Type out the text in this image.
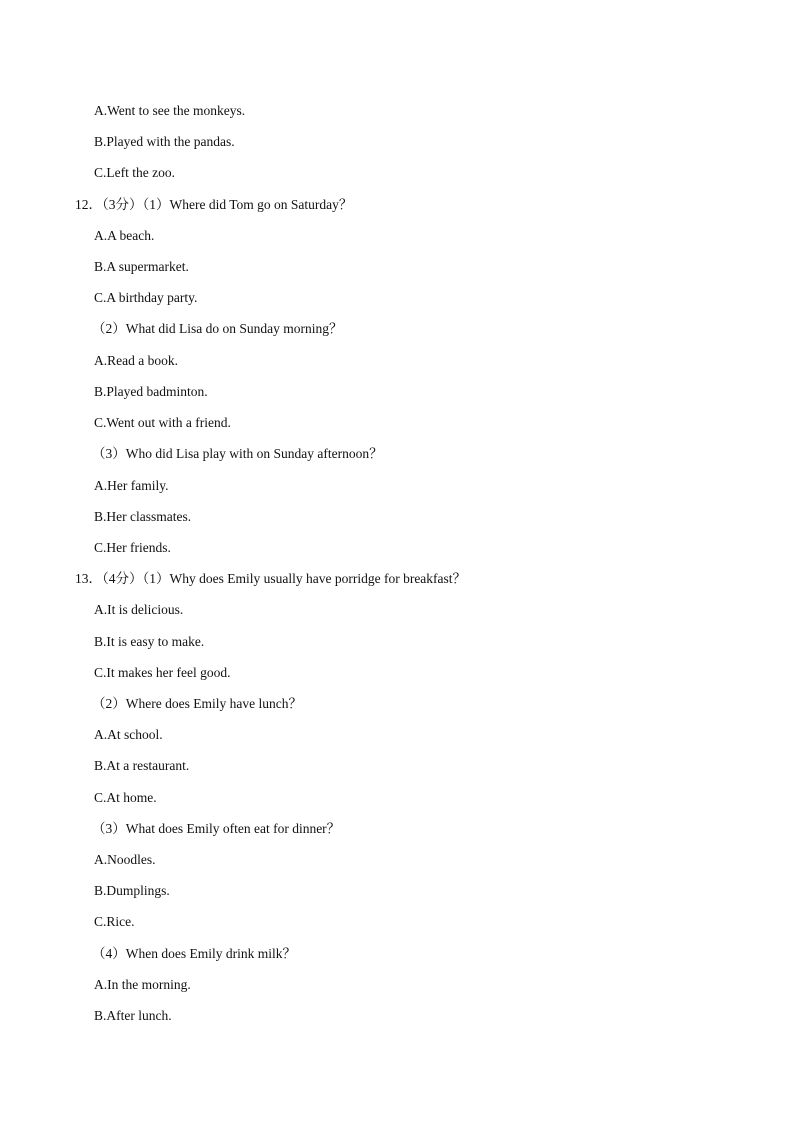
A.Went to see the monkeys.
B.Played with the pandas.
C.Left the zoo.
12．（3分）（1）Where did Tom go on Saturday？
A.A beach.
B.A supermarket.
C.A birthday party.
（2）What did Lisa do on Sunday morning？
A.Read a book.
B.Played badminton.
C.Went out with a friend.
（3）Who did Lisa play with on Sunday afternoon？
A.Her family.
B.Her classmates.
C.Her friends.
13．（4分）（1）Why does Emily usually have porridge for breakfast？
A.It is delicious.
B.It is easy to make.
C.It makes her feel good.
（2）Where does Emily have lunch？
A.At school.
B.At a restaurant.
C.At home.
（3）What does Emily often eat for dinner？
A.Noodles.
B.Dumplings.
C.Rice.
（4）When does Emily drink milk？
A.In the morning.
B.After lunch.
